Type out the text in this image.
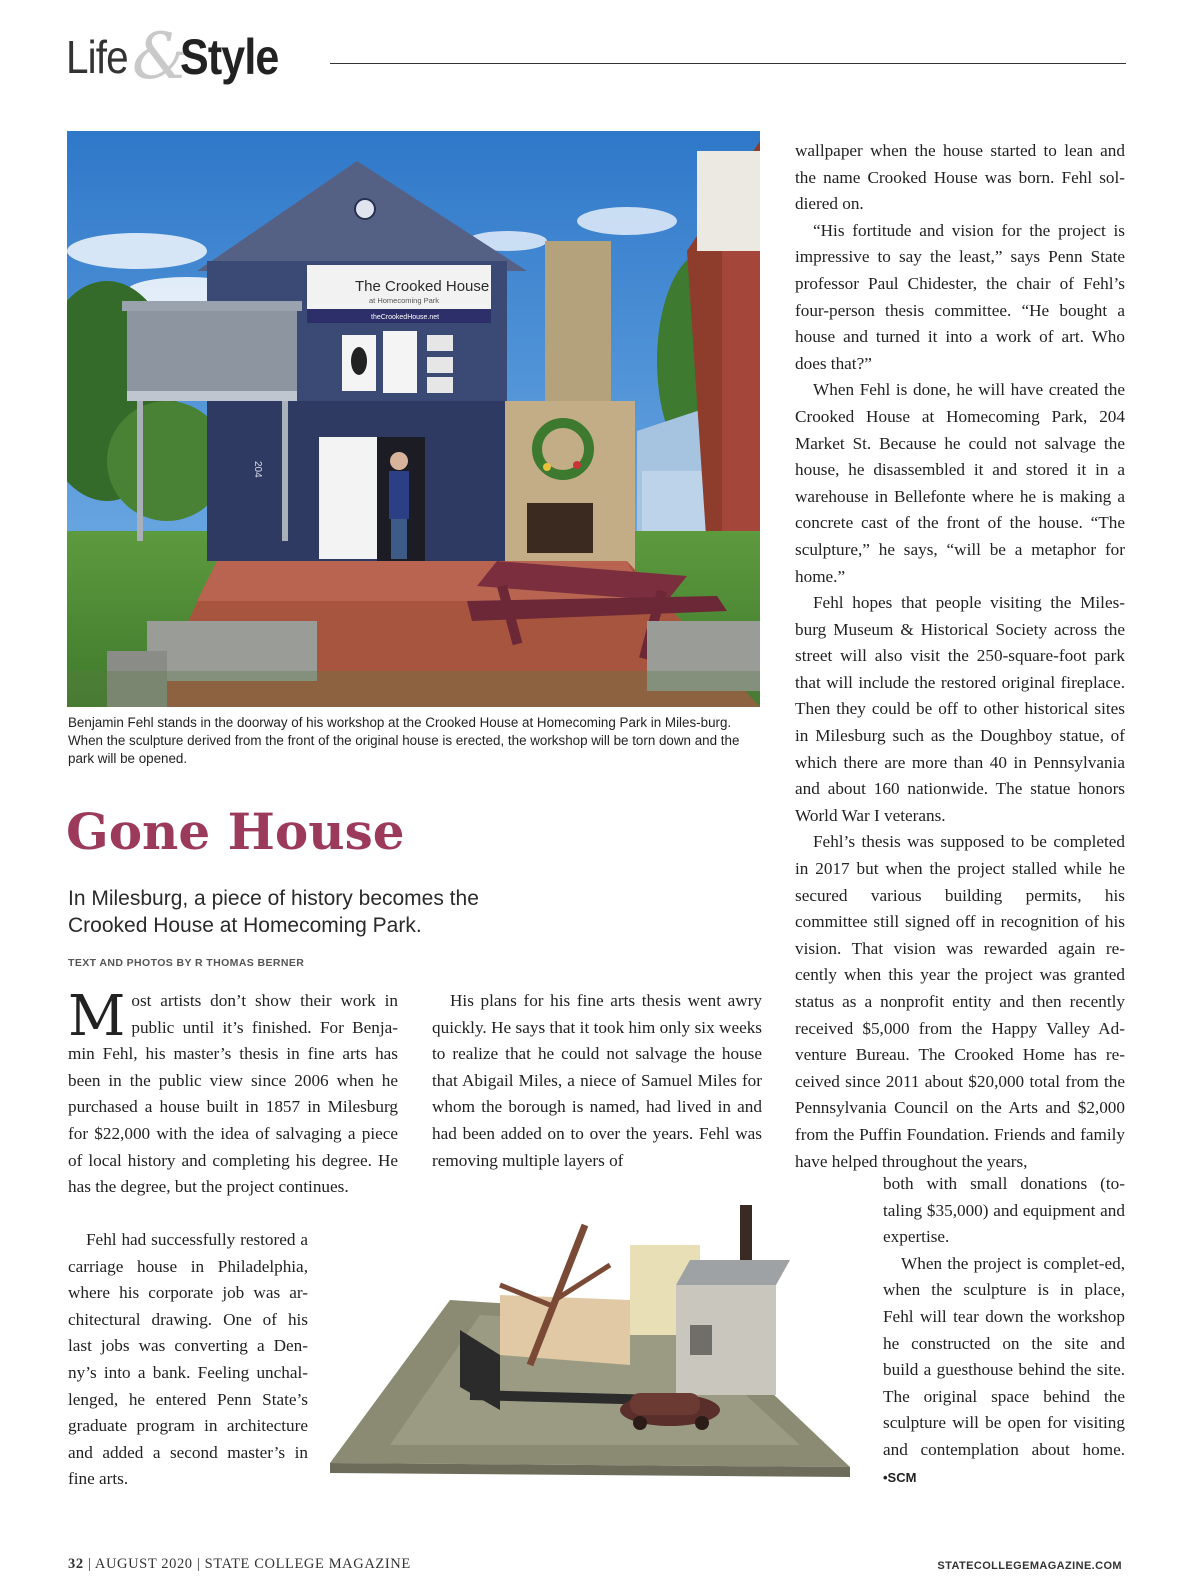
Life &
Style
The Crooked House
at Homecoming Park
theCrookedHouse.net
204
Benjamin Fehl stands in the doorway of his workshop at the Crooked House at Homecoming Park in Miles-burg. When the sculpture derived from the front of the original house is erected, the workshop will be torn down and the park will be opened.
Gone House
In Milesburg, a piece of history becomes the Crooked House at Homecoming Park.
TEXT AND PHOTOS BY R THOMAS BERNER

Most artists don’t show their work in public until it’s finished. For Benja-min Fehl, his master’s thesis in fine arts has been in the public view since 2006 when he purchased a house built in 1857 in Milesburg for $22,000 with the idea of salvaging a piece of local history and completing his degree. He has the degree, but the project continues.

Fehl had successfully restored a carriage house in Philadelphia, where his corporate job was ar-chitectural drawing. One of his last jobs was converting a Den-ny’s into a bank. Feeling unchal-lenged, he entered Penn State’s graduate program in architecture and added a second master’s in fine arts.

His plans for his fine arts thesis went awry quickly. He says that it took him only six weeks to realize that he could not salvage the house that Abigail Miles, a niece of Samuel Miles for whom the borough is named, had lived in and had been added on to over the years. Fehl was removing multiple layers of

wallpaper when the house started to lean and the name Crooked House was born. Fehl sol-diered on.

“His fortitude and vision for the project is impressive to say the least,” says Penn State professor Paul Chidester, the chair of Fehl’s four-person thesis committee. “He bought a house and turned it into a work of art. Who does that?”

When Fehl is done, he will have created the Crooked House at Homecoming Park, 204 Market St. Because he could not salvage the house, he disassembled it and stored it in a warehouse in Bellefonte where he is making a concrete cast of the front of the house. “The sculpture,” he says, “will be a metaphor for home.”

Fehl hopes that people visiting the Miles-burg Museum & Historical Society across the street will also visit the 250-square-foot park that will include the restored original fireplace. Then they could be off to other historical sites in Milesburg such as the Doughboy statue, of which there are more than 40 in Pennsylvania and about 160 nationwide. The statue honors World War I veterans.

Fehl’s thesis was supposed to be completed in 2017 but when the project stalled while he secured various building permits, his committee still signed off in recognition of his vision. That vision was rewarded again re-cently when this year the project was granted status as a nonprofit entity and then recently received $5,000 from the Happy Valley Ad-venture Bureau. The Crooked Home has re-ceived since 2011 about $20,000 total from the Pennsylvania Council on the Arts and $2,000 from the Puffin Foundation. Friends and family have helped throughout the years,

both with small donations (to-taling $35,000) and equipment and expertise.

When the project is complet-ed, when the sculpture is in place, Fehl will tear down the workshop he constructed on the site and build a guesthouse behind the site. The original space behind the sculpture will be open for visiting and contemplation about home. •SCM

32 | AUGUST 2020 | STATE COLLEGE MAGAZINE	STATECOLLEGEMAGAZINE.COM
